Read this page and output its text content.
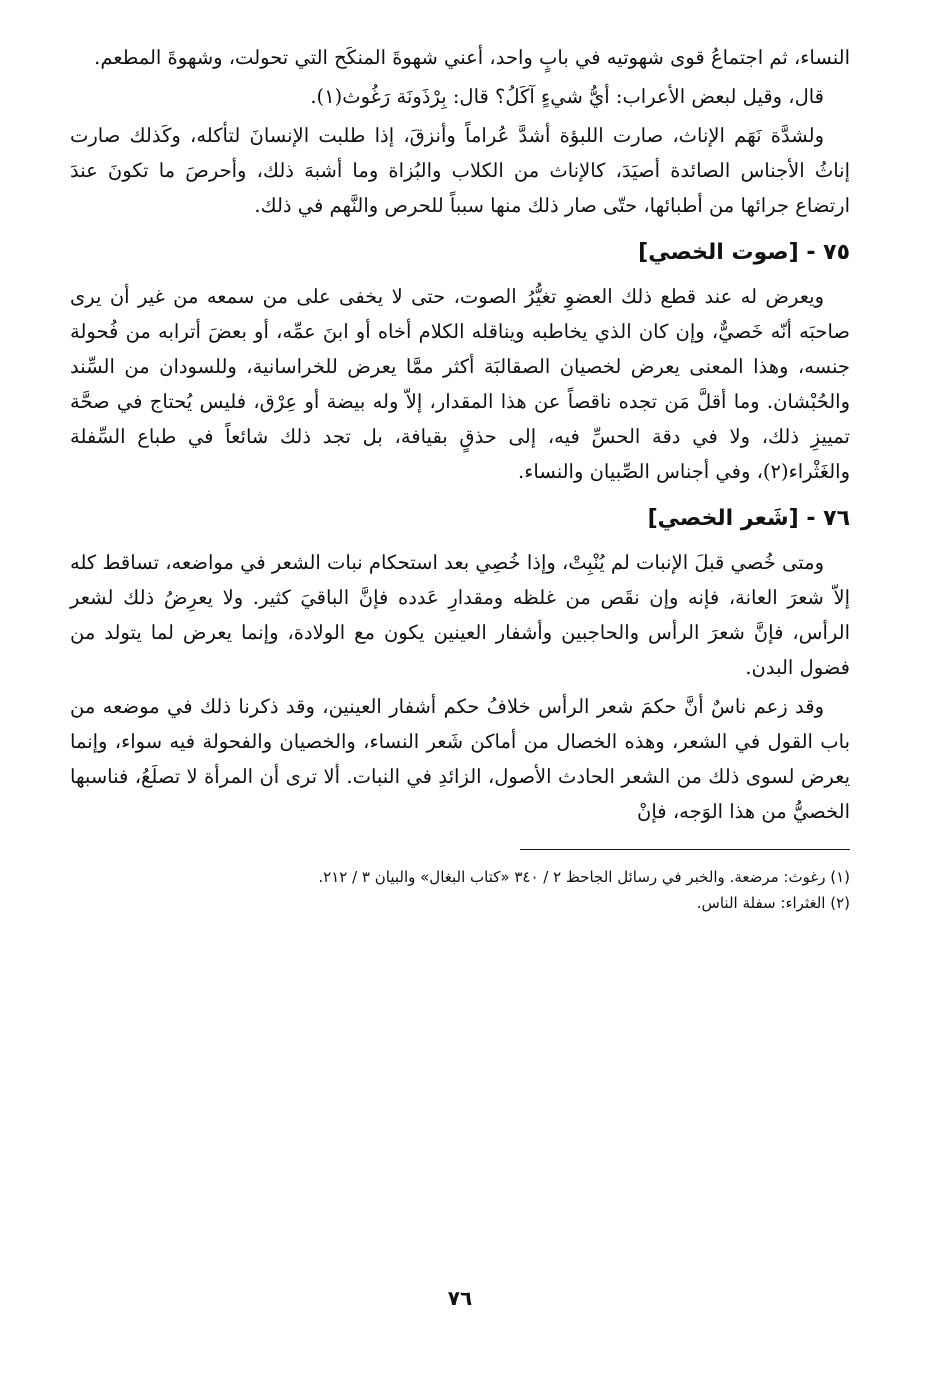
النساء، ثم اجتماعُ قوى شهوتيه في بابٍ واحد، أعني شهوةَ المنكَح التي تحولت، وشهوةَ المطعم.

قال، وقيل لبعض الأعراب: أيُّ شيءٍ آكَلُ؟ قال: بِرْذَونَة رَغُوث(١).

ولشدَّة نَهَم الإناث، صارت اللبؤة أشدَّ عُراماً وأنزقَ، إذا طلبت الإنسانَ لتأكله، وكَذلك صارت إناثُ الأجناس الصائدة أصيَدَ، كالإناث من الكلاب والبُزاة وما أشبهَ ذلك، وأحرصَ ما تكونَ عندَ ارتضاع جرائها من أطبائها، حتّى صار ذلك منها سبباً للحرص والنَّهم في ذلك.

٧٥ - [صوت الخصي]

ويعرض له عند قطع ذلك العضوِ تغيُّرُ الصوت، حتى لا يخفى على من سمعه من غير أن يرى صاحبَه أنّه خَصيٌّ، وإن كان الذي يخاطبه ويناقله الكلام أخاه أو ابنَ عمِّه، أو بعضَ أترابه من فُحولة جنسه، وهذا المعنى يعرض لخصيان الصقالبَة أكثر ممَّا يعرض للخراسانية، وللسودان من السِّند والحُبْشان. وما أقلَّ مَن تجده ناقصاً عن هذا المقدار، إلاّ وله بيضة أو عِرْق، فليس يُحتاج في صحَّة تمييزِ ذلك، ولا في دقة الحسِّ فيه، إلى حذقٍ بقيافة، بل تجد ذلك شائعاً في طباع السِّفلة والغَثْراء(٢)، وفي أجناس الصِّبيان والنساء.

٧٦ - [شَعر الخصي]

ومتى خُصي قبلَ الإنبات لم يُنْبِتْ، وإذا خُصِي بعد استحكام نبات الشعر في مواضعه، تساقط كله إلاّ شعرَ العانة، فإنه وإن نقَص من غلظه ومقدارِ عَدده فإنَّ الباقيَ كثير. ولا يعرِضُ ذلك لشعر الرأس، فإنَّ شعرَ الرأس والحاجبين وأشفار العينين يكون مع الولادة، وإنما يعرض لما يتولد من فضول البدن.

وقد زعم ناسٌ أنَّ حكمَ شعر الرأس خلافُ حكم أشفار العينين، وقد ذكرنا ذلك في موضعه من باب القول في الشعر، وهذه الخصال من أماكن شَعر النساء، والخصيان والفحولة فيه سواء، وإنما يعرض لسوى ذلك من الشعر الحادث الأصول، الزائدِ في النبات. ألا ترى أن المرأة لا تصلَعُ، فناسبها الخصيُّ من هذا الوَجه، فإنْ

(١) رغوث: مرضعة. والخبر في رسائل الجاحظ ٢ / ٣٤٠ «كتاب البغال» والبيان ٣ / ٢١٢.

(٢) الغثراء: سفلة الناس.

٧٦
